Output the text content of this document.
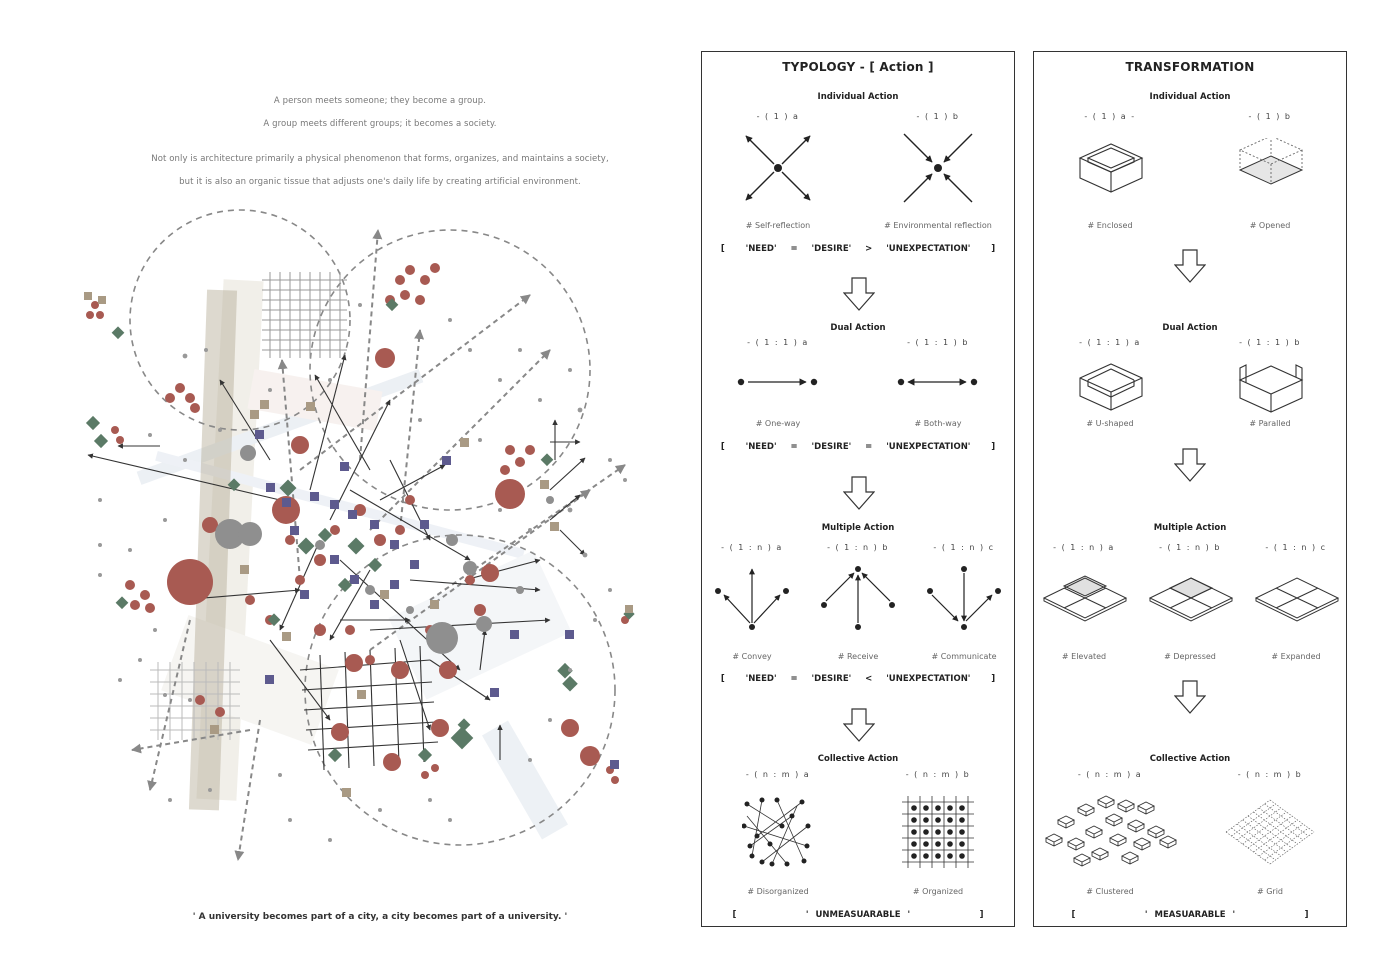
A person meets someone; they become a group.
A group meets different groups; it becomes a society.
Not only is architecture primarily a physical phenomenon that forms, organizes, and maintains a society,
but it is also an organic tissue that adjusts one's daily life by creating artificial environment.
' A university becomes part of a city, a city becomes part of a university. '
TYPOLOGY - [ Action ]
Individual Action
- ( 1 ) a	- ( 1 ) b
# Self-reflection	# Environmental reflection
[   'NEED'  =  'DESIRE'  >  'UNEXPECTATION'   ]
Dual Action
- ( 1 : 1 ) a	- ( 1 : 1 ) b
# One-way	# Both-way
[   'NEED'  =  'DESIRE'  =  'UNEXPECTATION'   ]
Multiple Action
- ( 1 : n ) a	- ( 1 : n ) b	- ( 1 : n ) c
# Convey	# Receive	# Communicate
[   'NEED'  =  'DESIRE'  <  'UNEXPECTATION'   ]
Collective Action
- ( n : m ) a	- ( n : m ) b
# Disorganized	# Organized
[          ' UNMEASUARABLE '          ]
TRANSFORMATION
Individual Action
- ( 1 ) a -	- ( 1 ) b
# Enclosed	# Opened
Dual Action
- ( 1 : 1 ) a	- ( 1 : 1 ) b
# U-shaped	# Paralled
Multiple Action
- ( 1 : n ) a	- ( 1 : n ) b	- ( 1 : n ) c
# Elevated	# Depressed	# Expanded
Collective Action
- ( n : m ) a	- ( n : m ) b
# Clustered	# Grid
[          ' MEASUARABLE '          ]
